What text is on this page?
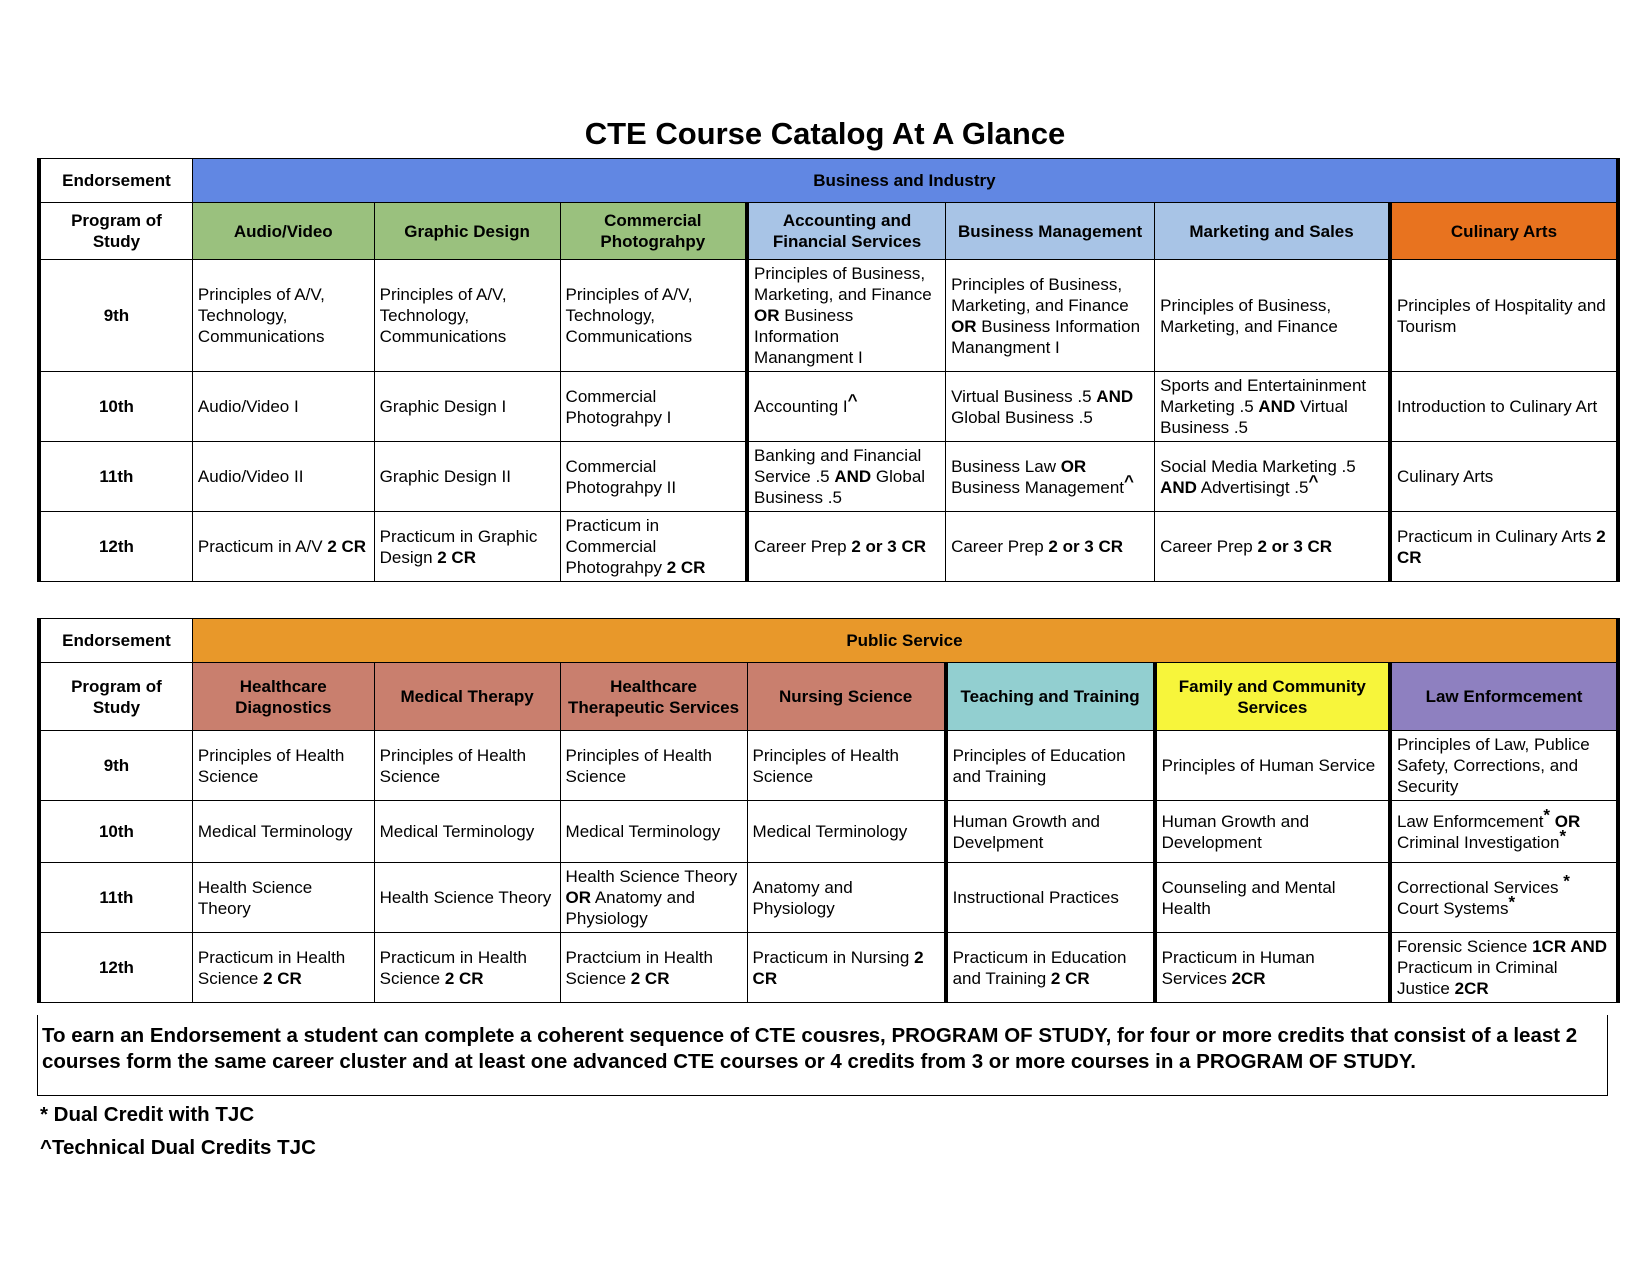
CTE Course Catalog At A Glance
Endorsement	Business and Industry						
Program of Study	Audio/Video	Graphic Design	Commercial Photograhpy	Accounting and Financial Services	Business Management	Marketing and Sales	Culinary Arts
9th	Principles of A/V, Technology, Communications	Principles of A/V, Technology, Communications	Principles of A/V, Technology, Communications	Principles of Business, Marketing, and Finance OR Business Information Manangment I	Principles of Business, Marketing, and Finance OR Business Information Manangment I	Principles of Business, Marketing, and Finance	Principles of Hospitality and Tourism
10th	Audio/Video I	Graphic Design I	Commercial Photograhpy I	Accounting I^	Virtual Business .5 AND Global Business .5	Sports and Entertaininment Marketing .5 AND Virtual Business .5	Introduction to Culinary Art
11th	Audio/Video II	Graphic Design II	Commercial Photograhpy II	Banking and Financial Service .5 AND Global Business .5	Business Law OR Business Management^	Social Media Marketing .5 AND Advertisingt .5^	Culinary Arts
12th	Practicum in A/V 2 CR	Practicum in Graphic Design 2 CR	Practicum in Commercial Photograhpy 2 CR	Career Prep 2 or 3 CR	Career Prep 2 or 3 CR	Career Prep 2 or 3 CR	Practicum in Culinary Arts 2 CR
Endorsement	Public Service						
Program of Study	Healthcare Diagnostics	Medical Therapy	Healthcare Therapeutic Services	Nursing Science	Teaching and Training	Family and Community Services	Law Enformcement
9th	Principles of Health Science	Principles of Health Science	Principles of Health Science	Principles of Health Science	Principles of Education and Training	Principles of Human Service	Principles of Law, Publice Safety, Corrections, and Security
10th	Medical Terminology	Medical Terminology	Medical Terminology	Medical Terminology	Human Growth and Develpment	Human Growth and Development	Law Enformcement* OR Criminal Investigation*
11th	Health Science Theory	Health Science Theory	Health Science Theory OR Anatomy and Physiology	Anatomy and Physiology	Instructional Practices	Counseling and Mental Health	Correctional Services * Court Systems*
12th	Practicum in Health Science 2 CR	Practicum in Health Science 2 CR	Practcium in Health Science 2 CR	Practicum in Nursing 2 CR	Practicum in Education and Training 2 CR	Practicum in Human Services 2CR	Forensic Science 1CR AND Practicum in Criminal Justice 2CR
To earn an Endorsement a student can complete a coherent sequence of CTE cousres, PROGRAM OF STUDY, for four or more credits that consist of a least 2 courses form the same career cluster and at least one advanced CTE courses or 4 credits from 3 or more courses in a PROGRAM OF STUDY.
* Dual Credit with TJC
^Technical Dual Credits TJC
